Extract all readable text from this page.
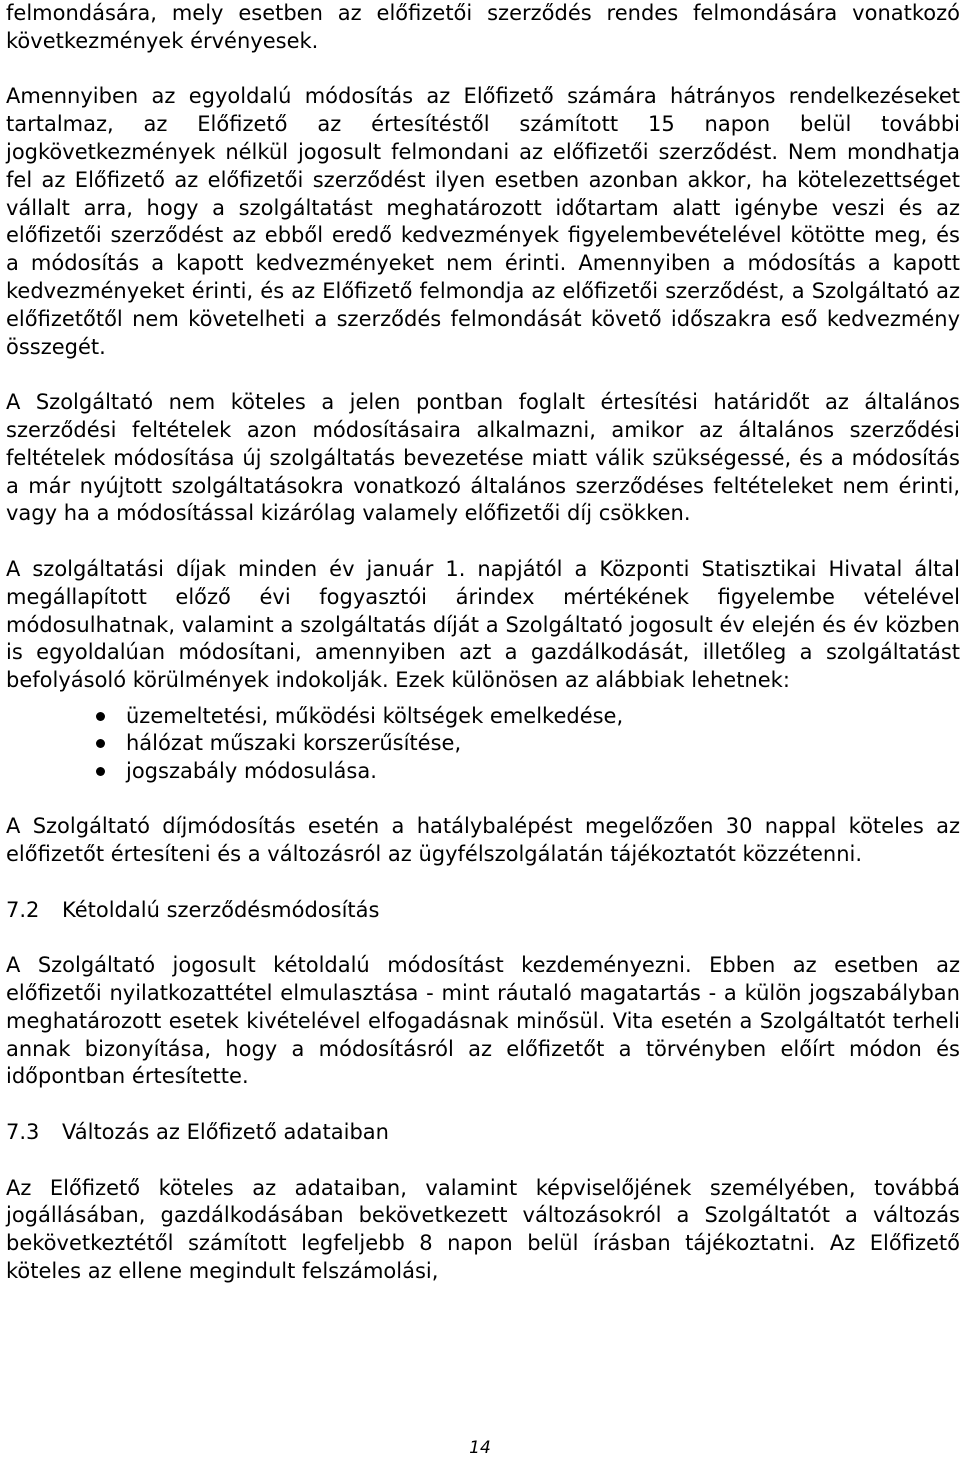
felmondására, mely esetben az előfizetői szerződés rendes felmondására vonatkozó következmények érvényesek.

Amennyiben az egyoldalú módosítás az Előfizető számára hátrányos rendelkezéseket tartalmaz, az Előfizető az értesítéstől számított 15 napon belül további jogkövetkezmények nélkül jogosult felmondani az előfizetői szerződést. Nem mondhatja fel az Előfizető az előfizetői szerződést ilyen esetben azonban akkor, ha kötelezettséget vállalt arra, hogy a szolgáltatást meghatározott időtartam alatt igénybe veszi és az előfizetői szerződést az ebből eredő kedvezmények figyelembevételével kötötte meg, és a módosítás a kapott kedvezményeket nem érinti. Amennyiben a módosítás a kapott kedvezményeket érinti, és az Előfizető felmondja az előfizetői szerződést, a Szolgáltató az előfizetőtől nem követelheti a szerződés felmondását követő időszakra eső kedvezmény összegét.

A Szolgáltató nem köteles a jelen pontban foglalt értesítési határidőt az általános szerződési feltételek azon módosításaira alkalmazni, amikor az általános szerződési feltételek módosítása új szolgáltatás bevezetése miatt válik szükségessé, és a módosítás a már nyújtott szolgáltatásokra vonatkozó általános szerződéses feltételeket nem érinti, vagy ha a módosítással kizárólag valamely előfizetői díj csökken.

A szolgáltatási díjak minden év január 1. napjától a Központi Statisztikai Hivatal által megállapított előző évi fogyasztói árindex mértékének figyelembe vételével módosulhatnak, valamint a szolgáltatás díját a Szolgáltató jogosult év elején és év közben is egyoldalúan módosítani, amennyiben azt a gazdálkodását, illetőleg a szolgáltatást befolyásoló körülmények indokolják. Ezek különösen az alábbiak lehetnek:

üzemeltetési, működési költségek emelkedése,
hálózat műszaki korszerűsítése,
jogszabály módosulása.

A Szolgáltató díjmódosítás esetén a hatálybalépést megelőzően 30 nappal köteles az előfizetőt értesíteni és a változásról az ügyfélszolgálatán tájékoztatót közzétenni.

7.2	Kétoldalú szerződésmódosítás

A Szolgáltató jogosult kétoldalú módosítást kezdeményezni. Ebben az esetben az előfizetői nyilatkozattétel elmulasztása - mint ráutaló magatartás - a külön jogszabályban meghatározott esetek kivételével elfogadásnak minősül. Vita esetén a Szolgáltatót terheli annak bizonyítása, hogy a módosításról az előfizetőt a törvényben előírt módon és időpontban értesítette.

7.3	Változás az Előfizető adataiban

Az Előfizető köteles az adataiban, valamint képviselőjének személyében, továbbá jogállásában, gazdálkodásában bekövetkezett változásokról a Szolgáltatót a változás bekövetkeztétől számított legfeljebb 8 napon belül írásban tájékoztatni. Az Előfizető köteles az ellene megindult felszámolási,

14
